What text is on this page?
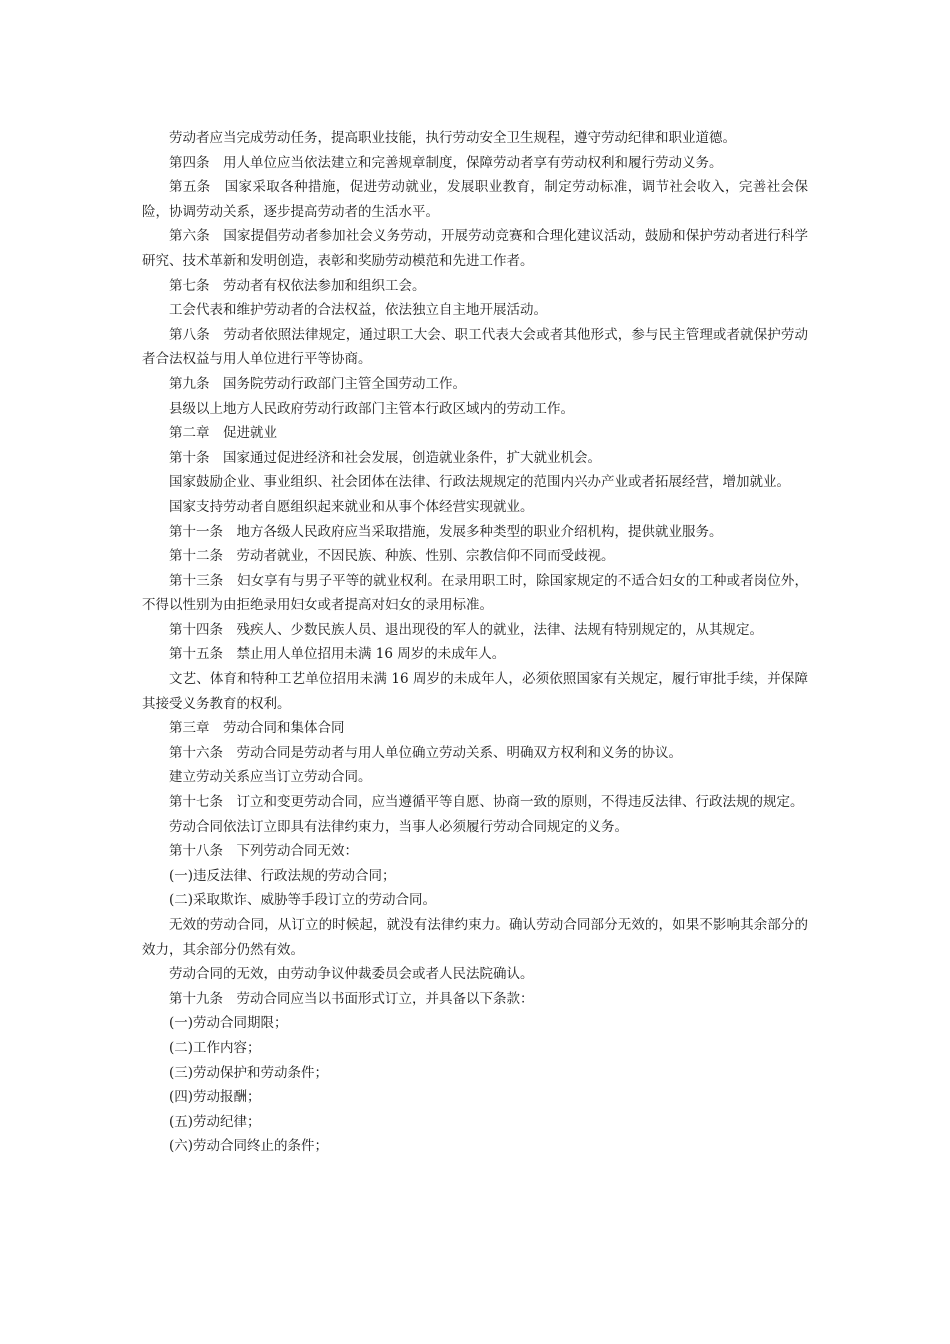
劳动者应当完成劳动任务，提高职业技能，执行劳动安全卫生规程，遵守劳动纪律和职业道德。

第四条　用人单位应当依法建立和完善规章制度，保障劳动者享有劳动权利和履行劳动义务。

第五条　国家采取各种措施，促进劳动就业，发展职业教育，制定劳动标准，调节社会收入，完善社会保险，协调劳动关系，逐步提高劳动者的生活水平。

第六条　国家提倡劳动者参加社会义务劳动，开展劳动竞赛和合理化建议活动，鼓励和保护劳动者进行科学研究、技术革新和发明创造，表彰和奖励劳动模范和先进工作者。

第七条　劳动者有权依法参加和组织工会。

工会代表和维护劳动者的合法权益，依法独立自主地开展活动。

第八条　劳动者依照法律规定，通过职工大会、职工代表大会或者其他形式，参与民主管理或者就保护劳动者合法权益与用人单位进行平等协商。

第九条　国务院劳动行政部门主管全国劳动工作。

县级以上地方人民政府劳动行政部门主管本行政区域内的劳动工作。

第二章　促进就业

第十条　国家通过促进经济和社会发展，创造就业条件，扩大就业机会。

国家鼓励企业、事业组织、社会团体在法律、行政法规规定的范围内兴办产业或者拓展经营，增加就业。

国家支持劳动者自愿组织起来就业和从事个体经营实现就业。

第十一条　地方各级人民政府应当采取措施，发展多种类型的职业介绍机构，提供就业服务。

第十二条　劳动者就业，不因民族、种族、性别、宗教信仰不同而受歧视。

第十三条　妇女享有与男子平等的就业权利。在录用职工时，除国家规定的不适合妇女的工种或者岗位外，不得以性别为由拒绝录用妇女或者提高对妇女的录用标准。

第十四条　残疾人、少数民族人员、退出现役的军人的就业，法律、法规有特别规定的，从其规定。

第十五条　禁止用人单位招用未满 16 周岁的未成年人。

文艺、体育和特种工艺单位招用未满 16 周岁的未成年人，必须依照国家有关规定，履行审批手续，并保障其接受义务教育的权利。

第三章　劳动合同和集体合同

第十六条　劳动合同是劳动者与用人单位确立劳动关系、明确双方权利和义务的协议。

建立劳动关系应当订立劳动合同。

第十七条　订立和变更劳动合同，应当遵循平等自愿、协商一致的原则，不得违反法律、行政法规的规定。

劳动合同依法订立即具有法律约束力，当事人必须履行劳动合同规定的义务。

第十八条　下列劳动合同无效：

(一)违反法律、行政法规的劳动合同；

(二)采取欺诈、威胁等手段订立的劳动合同。

无效的劳动合同，从订立的时候起，就没有法律约束力。确认劳动合同部分无效的，如果不影响其余部分的效力，其余部分仍然有效。

劳动合同的无效，由劳动争议仲裁委员会或者人民法院确认。

第十九条　劳动合同应当以书面形式订立，并具备以下条款：

(一)劳动合同期限；

(二)工作内容；

(三)劳动保护和劳动条件；

(四)劳动报酬；

(五)劳动纪律；

(六)劳动合同终止的条件；
